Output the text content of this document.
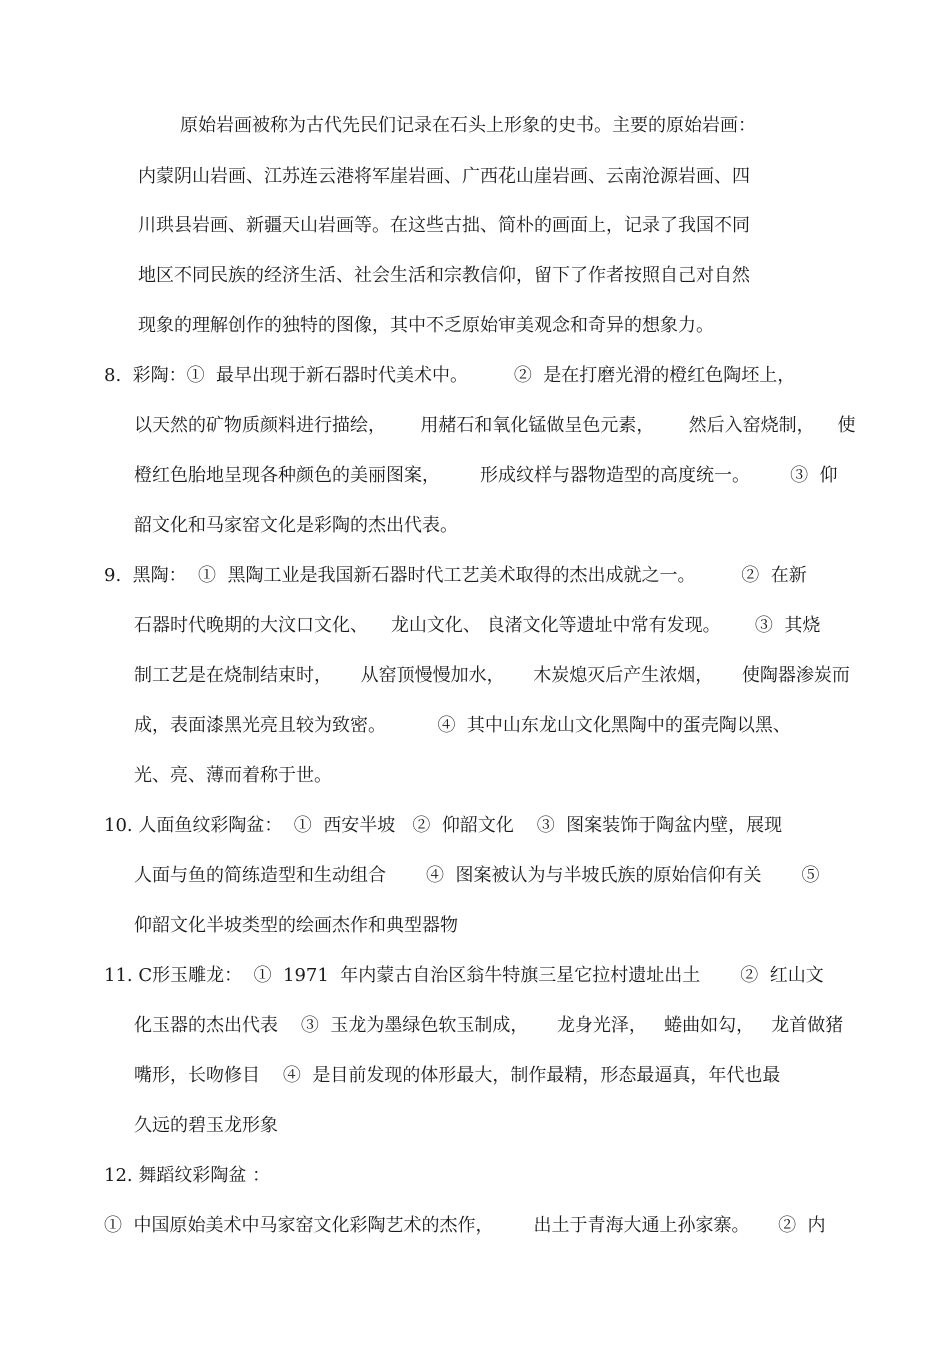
原始岩画被称为古代先民们记录在石头上形象的史书。主要的原始岩画：
内蒙阴山岩画、江苏连云港将军崖岩画、广西花山崖岩画、云南沧源岩画、四
川珙县岩画、新疆天山岩画等。在这些古拙、简朴的画面上，记录了我国不同
地区不同民族的经济生活、社会生活和宗教信仰，留下了作者按照自己对自然
现象的理解创作的独特的图像，其中不乏原始审美观念和奇异的想象力。
8.  彩陶：①  最早出现于新石器时代美术中。        ②  是在打磨光滑的橙红色陶坯上，
以天然的矿物质颜料进行描绘，      用赭石和氧化锰做呈色元素，      然后入窑烧制，    使
橙红色胎地呈现各种颜色的美丽图案，       形成纹样与器物造型的高度统一。       ③  仰
韶文化和马家窑文化是彩陶的杰出代表。
9.  黑陶：  ①  黑陶工业是我国新石器时代工艺美术取得的杰出成就之一。        ②  在新
石器时代晚期的大汶口文化、    龙山文化、 良渚文化等遗址中常有发现。      ③  其烧
制工艺是在烧制结束时，     从窑顶慢慢加水，     木炭熄灭后产生浓烟，     使陶器渗炭而
成，表面漆黑光亮且较为致密。         ④  其中山东龙山文化黑陶中的蛋壳陶以黑、
光、亮、薄而着称于世。
10. 人面鱼纹彩陶盆：  ①  西安半坡   ②  仰韶文化    ③  图案装饰于陶盆内壁，展现
人面与鱼的简练造型和生动组合       ④  图案被认为与半坡氏族的原始信仰有关       ⑤
仰韶文化半坡类型的绘画杰作和典型器物
11. C形玉雕龙：  ①  1971  年内蒙古自治区翁牛特旗三星它拉村遗址出土       ②  红山文
化玉器的杰出代表    ③  玉龙为墨绿色软玉制成，     龙身光泽，   蜷曲如勾，   龙首做猪
嘴形，长吻修目    ④  是目前发现的体形最大，制作最精，形态最逼真，年代也最
久远的碧玉龙形象
12. 舞蹈纹彩陶盆 ：
①  中国原始美术中马家窑文化彩陶艺术的杰作，       出土于青海大通上孙家寨。     ②  内
